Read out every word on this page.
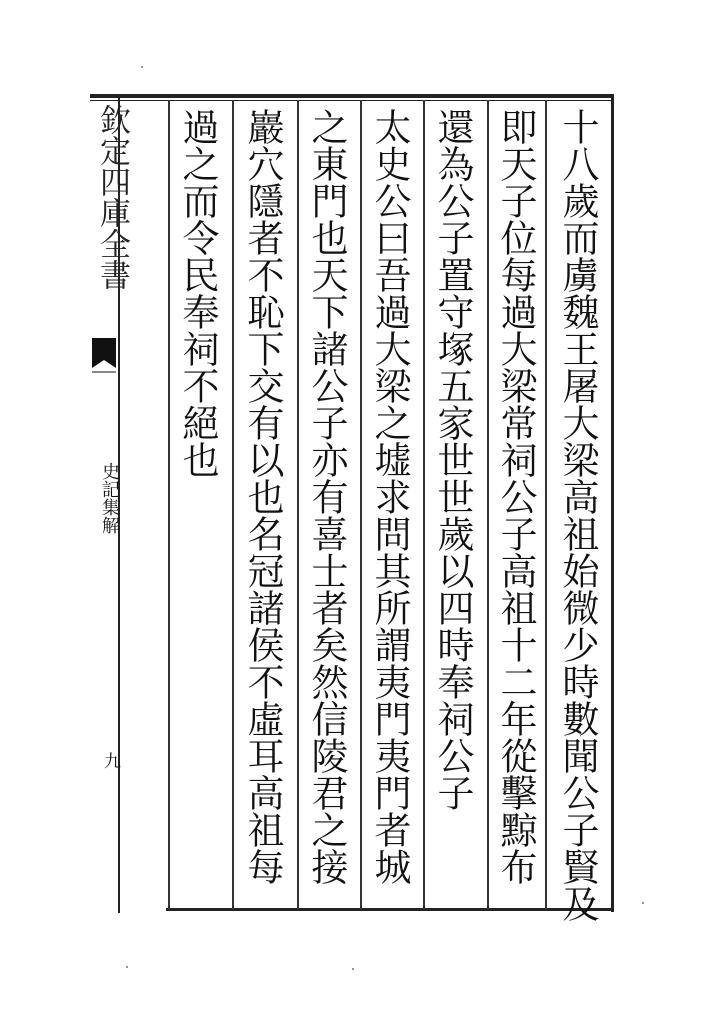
欽定四庫全書
史記集解
九	十八歲而虜魏王屠大梁高祖始微少時數聞公子賢及
即天子位每過大梁常祠公子高祖十二年從擊黥布
還為公子置守塚五家世世歲以四時奉祠公子
太史公曰吾過大梁之墟求問其所謂夷門夷門者城
之東門也天下諸公子亦有喜士者矣然信陵君之接
巖穴隱者不恥下交有以也名冠諸侯不虛耳高祖每
過之而令民奉祠不絕也
